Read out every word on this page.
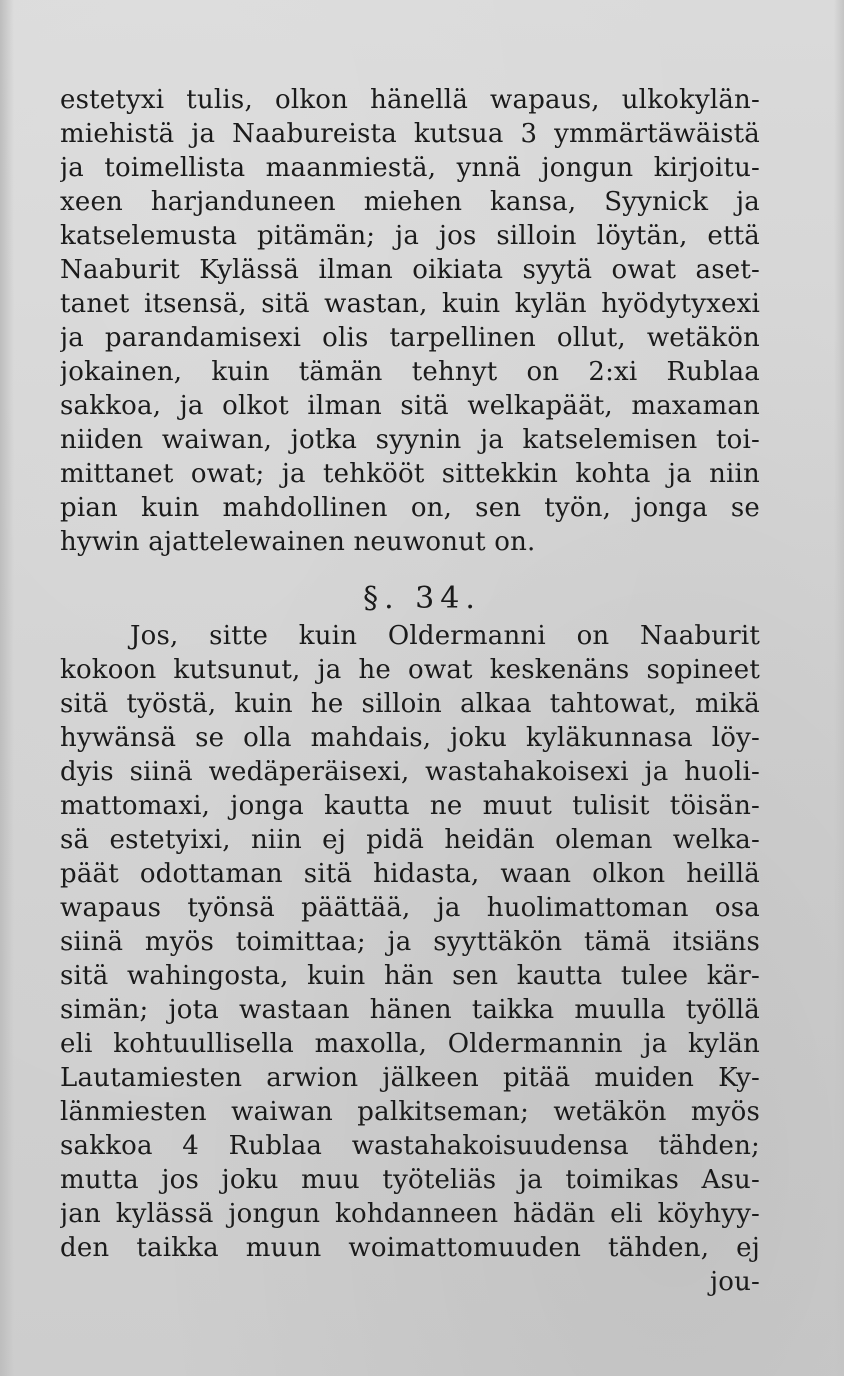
estetyxi tulis, olkon hänellä wapaus, ulkokylän-
miehistä ja Naabureista kutsua 3 ymmärtäwäistä
ja toimellista maanmiestä, ynnä jongun kirjoitu-
xeen harjanduneen miehen kansa, Syynick ja
katselemusta pitämän; ja jos silloin löytän, että
Naaburit Kylässä ilman oikiata syytä owat aset-
tanet itsensä, sitä wastan, kuin kylän hyödytyxexi
ja parandamisexi olis tarpellinen ollut, wetäkön
jokainen, kuin tämän tehnyt on 2:xi Rublaa
sakkoa, ja olkot ilman sitä welkapäät, maxaman
niiden waiwan, jotka syynin ja katselemisen toi-
mittanet owat; ja tehkööt sittekkin kohta ja niin
pian kuin mahdollinen on, sen työn, jonga se
hywin ajattelewainen neuwonut on.
§. 34.
Jos, sitte kuin Oldermanni on Naaburit
kokoon kutsunut, ja he owat keskenäns sopineet
sitä työstä, kuin he silloin alkaa tahtowat, mikä
hywänsä se olla mahdais, joku kyläkunnasa löy-
dyis siinä wedäperäisexi, wastahakoisexi ja huoli-
mattomaxi, jonga kautta ne muut tulisit töisän-
sä estetyixi, niin ej pidä heidän oleman welka-
päät odottaman sitä hidasta, waan olkon heillä
wapaus työnsä päättää, ja huolimattoman osa
siinä myös toimittaa; ja syyttäkön tämä itsiäns
sitä wahingosta, kuin hän sen kautta tulee kär-
simän; jota wastaan hänen taikka muulla työllä
eli kohtuullisella maxolla, Oldermannin ja kylän
Lautamiesten arwion jälkeen pitää muiden Ky-
länmiesten waiwan palkitseman; wetäkön myös
sakkoa 4 Rublaa wastahakoisuudensa tähden;
mutta jos joku muu työteliäs ja toimikas Asu-
jan kylässä jongun kohdanneen hädän eli köyhyy-
den taikka muun woimattomuuden tähden, ej
jou-
